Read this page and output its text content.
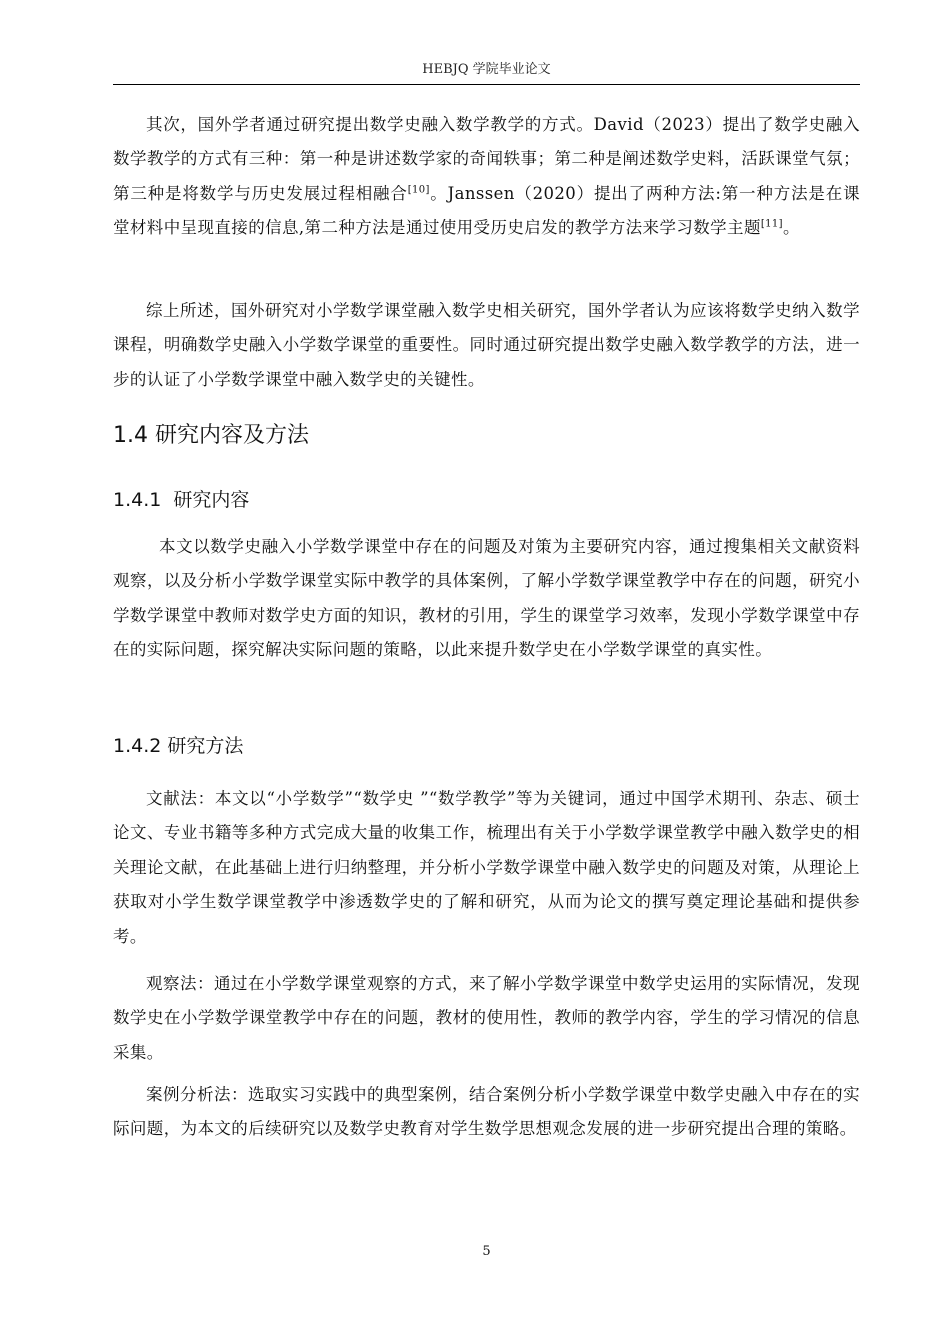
HEBJQ 学院毕业论文

其次，国外学者通过研究提出数学史融入数学教学的方式。David（2023）提出了数学史融入数学教学的方式有三种：第一种是讲述数学家的奇闻轶事；第二种是阐述数学史料，活跃课堂气氛；第三种是将数学与历史发展过程相融合[10]。Janssen（2020）提出了两种方法:第一种方法是在课堂材料中呈现直接的信息,第二种方法是通过使用受历史启发的教学方法来学习数学主题[11]。

综上所述，国外研究对小学数学课堂融入数学史相关研究，国外学者认为应该将数学史纳入数学课程，明确数学史融入小学数学课堂的重要性。同时通过研究提出数学史融入数学教学的方法，进一步的认证了小学数学课堂中融入数学史的关键性。

1.4 研究内容及方法
1.4.1 研究内容

本文以数学史融入小学数学课堂中存在的问题及对策为主要研究内容，通过搜集相关文献资料观察，以及分析小学数学课堂实际中教学的具体案例，了解小学数学课堂教学中存在的问题，研究小学数学课堂中教师对数学史方面的知识，教材的引用，学生的课堂学习效率，发现小学数学课堂中存在的实际问题，探究解决实际问题的策略，以此来提升数学史在小学数学课堂的真实性。

1.4.2 研究方法

文献法：本文以“小学数学”“数学史 ”“数学教学”等为关键词，通过中国学术期刊、杂志、硕士论文、专业书籍等多种方式完成大量的收集工作，梳理出有关于小学数学课堂教学中融入数学史的相关理论文献，在此基础上进行归纳整理，并分析小学数学课堂中融入数学史的问题及对策，从理论上获取对小学生数学课堂教学中渗透数学史的了解和研究，从而为论文的撰写奠定理论基础和提供参考。

观察法：通过在小学数学课堂观察的方式，来了解小学数学课堂中数学史运用的实际情况，发现数学史在小学数学课堂教学中存在的问题，教材的使用性，教师的教学内容，学生的学习情况的信息采集。

案例分析法：选取实习实践中的典型案例，结合案例分析小学数学课堂中数学史融入中存在的实际问题，为本文的后续研究以及数学史教育对学生数学思想观念发展的进一步研究提出合理的策略。

5
